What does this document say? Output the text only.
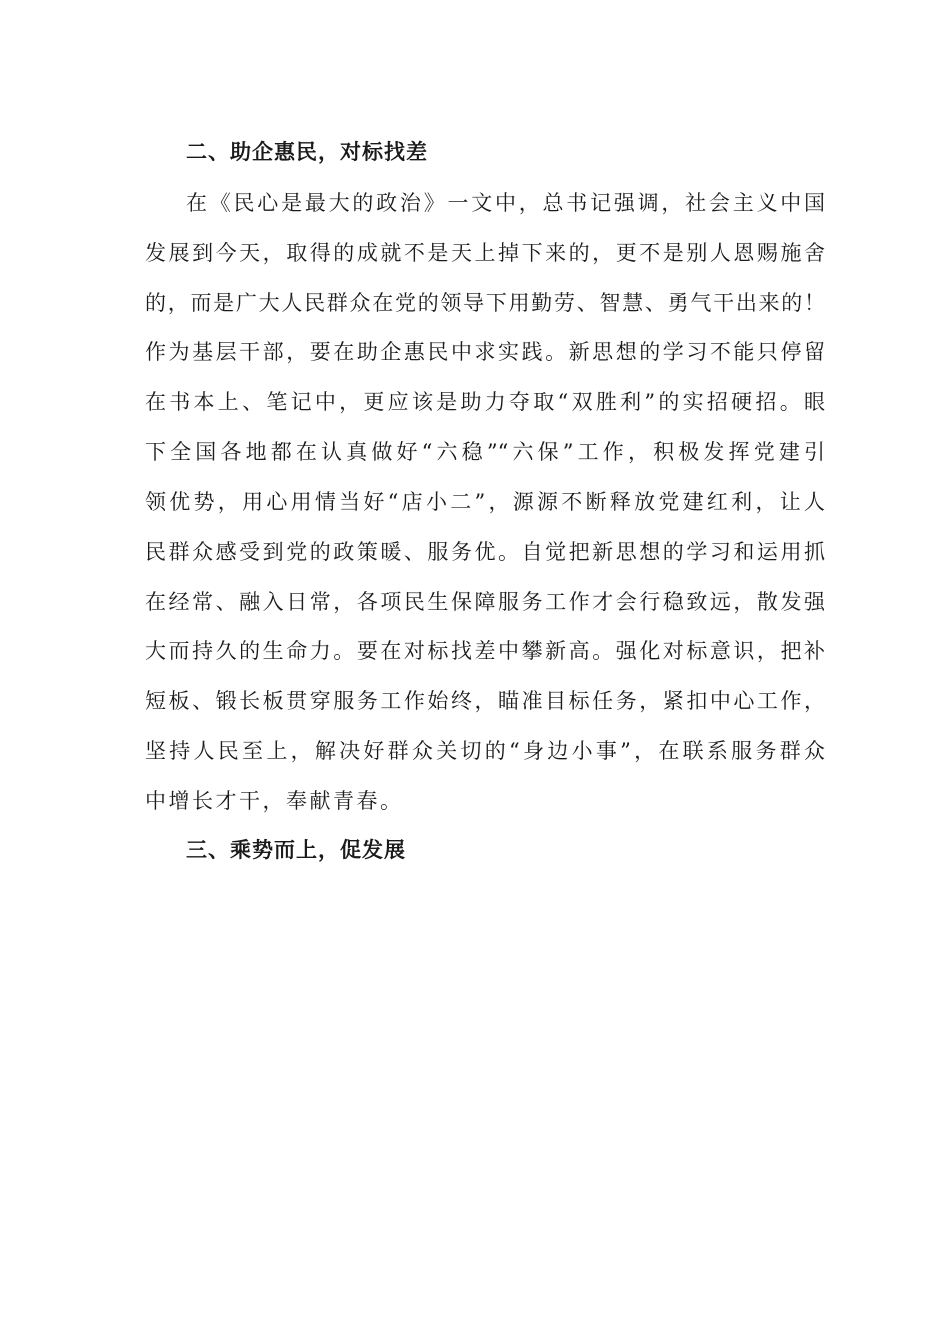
二、助企惠民，对标找差
在《民心是最大的政治》一文中，总书记强调，社会主义中国
发展到今天，取得的成就不是天上掉下来的，更不是别人恩赐施舍
的，而是广大人民群众在党的领导下用勤劳、智慧、勇气干出来的！
作为基层干部，要在助企惠民中求实践。新思想的学习不能只停留
在书本上、笔记中，更应该是助力夺取“双胜利”的实招硬招。眼
下全国各地都在认真做好“六稳”“六保”工作，积极发挥党建引
领优势，用心用情当好“店小二”，源源不断释放党建红利，让人
民群众感受到党的政策暖、服务优。自觉把新思想的学习和运用抓
在经常、融入日常，各项民生保障服务工作才会行稳致远，散发强
大而持久的生命力。要在对标找差中攀新高。强化对标意识，把补
短板、锻长板贯穿服务工作始终，瞄准目标任务，紧扣中心工作，
坚持人民至上，解决好群众关切的“身边小事”，在联系服务群众
中增长才干，奉献青春。
三、乘势而上，促发展
